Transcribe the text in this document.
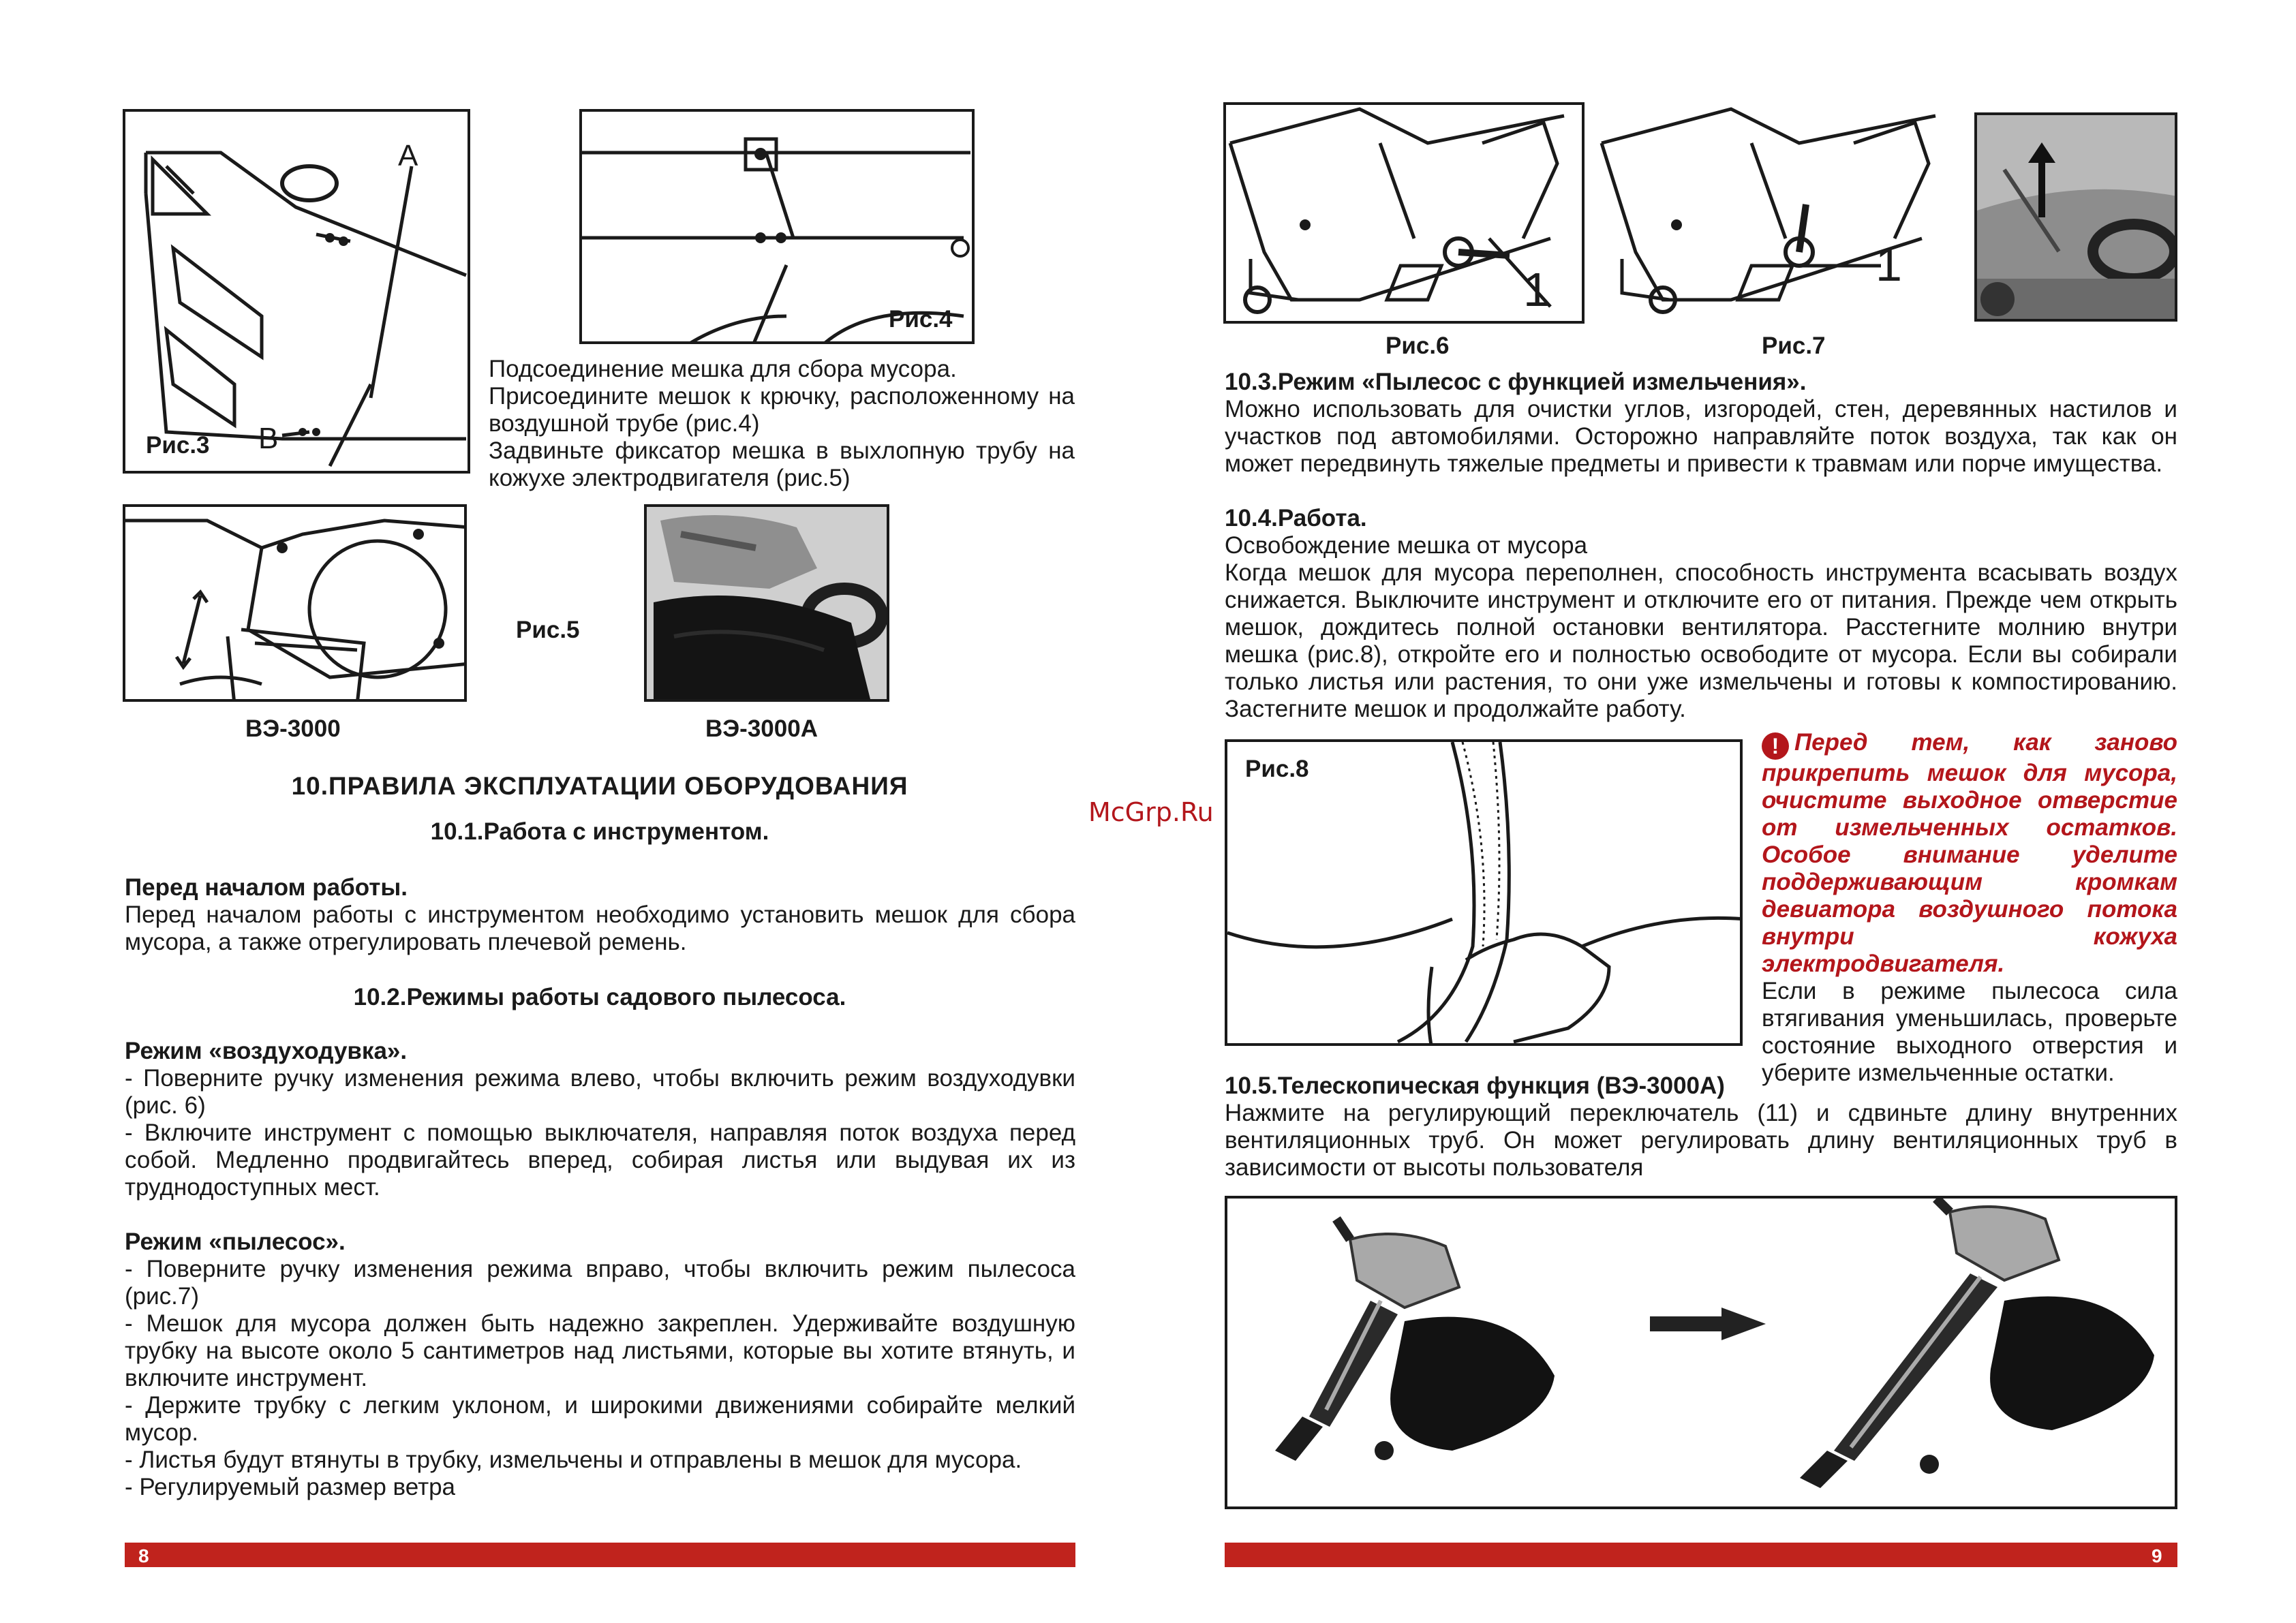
A
B
Рис.3
Рис.4

Подсоединение мешка для сбора мусора.

Присоедините мешок к крючку, расположенному на воздушной трубе (рис.4)

Задвиньте фиксатор мешка в выхлопную трубу на кожухе электродвигателя (рис.5)

Рис.5
ВЭ-3000	ВЭ-3000А
10.ПРАВИЛА ЭКСПЛУАТАЦИИ ОБОРУДОВАНИЯ
10.1.Работа с инструментом.

Перед началом работы.

Перед началом работы с инструментом необходимо установить мешок для сбора мусора, а также отрегулировать плечевой ремень.

10.2.Режимы работы садового пылесоса.

Режим «воздуходувка».

- Поверните ручку изменения режима влево, чтобы включить режим воздуходувки (рис. 6)

- Включите инструмент с помощью выключателя, направляя поток воздуха перед собой. Медленно продвигайтесь вперед, собирая листья или выдувая их из труднодоступных мест.

Режим «пылесос».

- Поверните ручку изменения режима вправо, чтобы включить режим пылесоса (рис.7)

- Мешок для мусора должен быть надежно закреплен. Удерживайте воздушную трубку на высоте около 5 сантиметров над листьями, которые вы хотите втянуть, и включите инструмент.

- Держите трубку с легким уклоном, и широкими движениями собирайте мелкий мусор.

- Листья будут втянуты в трубку, измельчены и отправлены в мешок для мусора.

- Регулируемый размер ветра

8
McGrp.Ru
1
Рис.6
1
Рис.7

10.3.Режим «Пылесос с функцией измельчения».

Можно использовать для очистки углов, изгородей, стен, деревянных настилов и участков под автомобилями. Осторожно направляйте поток воздуха, так как он может передвинуть тяжелые предметы и привести к травмам или порче имущества.

10.4.Работа.

Освобождение мешка от мусора

Когда мешок для мусора переполнен, способность инструмента всасывать воздух снижается. Выключите инструмент и отключите его от питания. Прежде чем открыть мешок, дождитесь полной остановки вентилятора. Расстегните молнию внутри мешка (рис.8), откройте его и полностью освободите от мусора. Если вы собирали только листья или растения, то они уже измельчены и готовы к компостированию. Застегните мешок и продолжайте работу.

Рис.8
! Перед тем, как заново прикрепить мешок для мусора, очистите выходное отверстие от измельченных остатков. Особое внимание уделите поддерживающим кромкам девиатора воздушного потока внутри кожуха электродвигателя.

Если в режиме пылесоса сила втягивания уменьшилась, проверьте состояние выходного отверстия и уберите измельченные остатки.

10.5.Телескопическая функция (ВЭ-3000А)

Нажмите на регулирующий переключатель (11) и сдвиньте длину внутренних вентиляционных труб. Он может регулировать длину вентиляционных труб в зависимости от высоты пользователя

9
